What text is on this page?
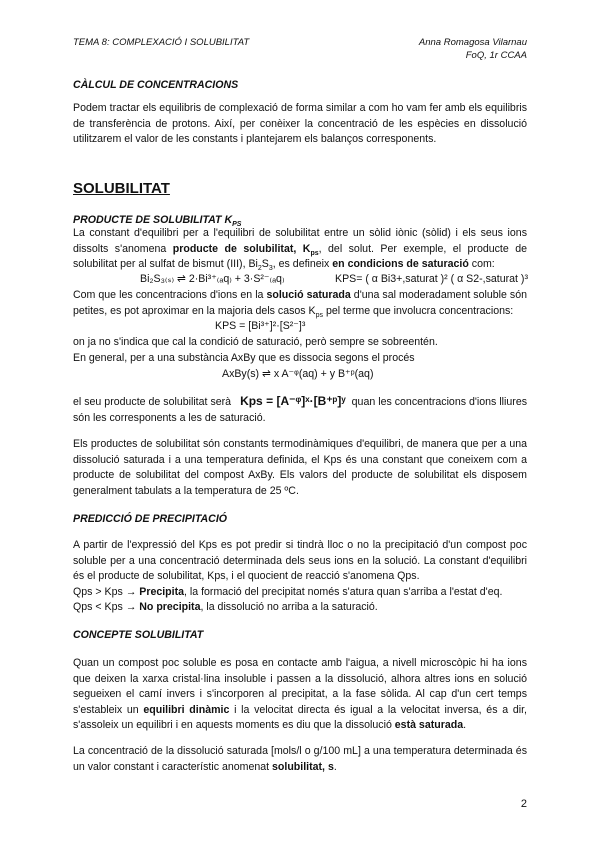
TEMA 8: COMPLEXACIÓ I SOLUBILITAT	Anna Romagosa Vilarnau
FoQ, 1r CCAA
CÀLCUL DE CONCENTRACIONS
Podem tractar els equilibris de complexació de forma similar a com ho vam fer amb els equilibris de transferència de protons. Així, per conèixer la concentració de les espècies en dissolució utilitzarem el valor de les constants i plantejarem els balanços corresponents.
SOLUBILITAT
PRODUCTE DE SOLUBILITAT $K_{PS}$
La constant d'equilibri per a l'equilibri de solubilitat entre un sòlid iònic (sòlid) i els seus ions dissolts s'anomena producte de solubilitat, $K_{ps}$, del solut. Per exemple, el producte de solubilitat per al sulfat de bismut (III), $Bi_2S_3$, es defineix en condicions de saturació com:
Bi₂S₃₍ₛ₎ ⇌ 2·Bi³⁺₍ₐq₎ + 3·S²⁻₍ₐq₎	KPS= ( α Bi3+,saturat )² ( α S2-,saturat )³
Com que les concentracions d'ions en la solució saturada d'una sal moderadament soluble són petites, es pot aproximar en la majoria dels casos $K_{ps}$ pel terme que involucra concentracions:
KPS = [Bi³⁺]²·[S²⁻]³
on ja no s'indica que cal la condició de saturació, però sempre se sobreentén.
En general, per a una substància AxBy que es dissocia segons el procés
AxBy(s) ⇌ x A⁻ᵠ(aq) + y B⁺ᵖ(aq)
el seu producte de solubilitat serà Kps = [A⁻ᵠ]ˣ·[B⁺ᵖ]ʸ quan les concentracions d'ions lliures són les corresponents a les de saturació.
Els productes de solubilitat són constants termodinàmiques d'equilibri, de manera que per a una dissolució saturada i a una temperatura definida, el Kps és una constant que coneixem com a producte de solubilitat del compost AxBy. Els valors del producte de solubilitat els disposem generalment tabulats a la temperatura de 25 ºC.
PREDICCIÓ DE PRECIPITACIÓ
A partir de l'expressió del Kps es pot predir si tindrà lloc o no la precipitació d'un compost poc soluble per a una concentració determinada dels seus ions en la solució. La constant d'equilibri és el producte de solubilitat, Kps, i el quocient de reacció s'anomena Qps.
Qps > Kps → Precipita, la formació del precipitat només s'atura quan s'arriba a l'estat d'eq.
Qps < Kps → No precipita, la dissolució no arriba a la saturació.
CONCEPTE SOLUBILITAT
Quan un compost poc soluble es posa en contacte amb l'aigua, a nivell microscòpic hi ha ions que deixen la xarxa cristal·lina insoluble i passen a la dissolució, alhora altres ions en solució segueixen el camí invers i s'incorporen al precipitat, a la fase sòlida. Al cap d'un cert temps s'estableix un equilibri dinàmic i la velocitat directa és igual a la velocitat inversa, és a dir, s'assoleix un equilibri i en aquests moments es diu que la dissolució està saturada.
La concentració de la dissolució saturada [mols/l o g/100 mL] a una temperatura determinada és un valor constant i característic anomenat solubilitat, s.
2
